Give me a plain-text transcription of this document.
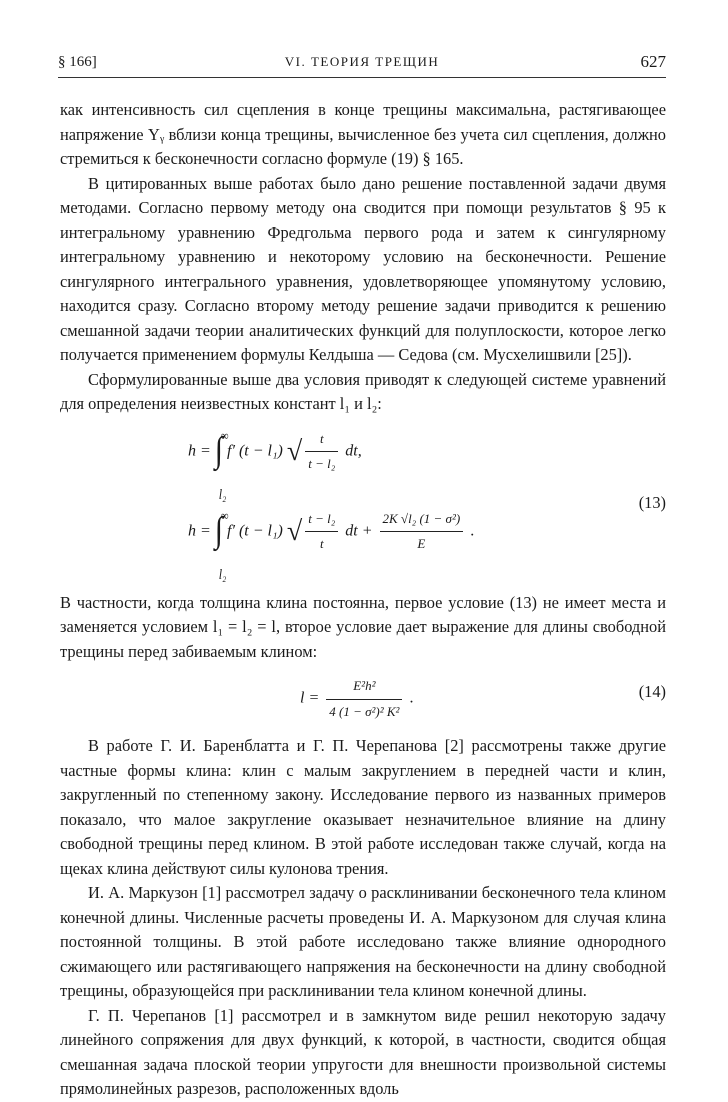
§ 166]	VI. ТЕОРИЯ ТРЕЩИН	627

как интенсивность сил сцепления в конце трещины максимальна, растягивающее напряжение Yᵧ вблизи конца трещины, вычисленное без учета сил сцепления, должно стремиться к бесконечности согласно формуле (19) § 165.

В цитированных выше работах было дано решение поставленной задачи двумя методами. Согласно первому методу она сводится при помощи результатов § 95 к интегральному уравнению Фредгольма первого рода и затем к сингулярному интегральному уравнению и некоторому условию на бесконечности. Решение сингулярного интегрального уравнения, удовлетворяющее упомянутому условию, находится сразу. Согласно второму методу решение задачи приводится к решению смешанной задачи теории аналитических функций для полуплоскости, которое легко получается применением формулы Келдыша — Седова (см. Мусхелишвили [25]).

Сформулированные выше два условия приводят к следующей системе уравнений для определения неизвестных констант l₁ и l₂:

h = ∫
∞
l₂
f′ (t − l₁) √ $\frac{t}{\text{t − l₂}}$ dt,
h = ∫
∞
l₂
f′ (t − l₁) √ $\frac{\text{t − l₂}}{t}$ dt + $\frac{\text{2K √l₂ (1 − σ²)}}{E}$ .
(13)

В частности, когда толщина клина постоянна, первое условие (13) не имеет места и заменяется условием l₁ = l₂ = l, второе условие дает выражение для длины свободной трещины перед забиваемым клином:

$l = \frac{\text{E²h²}}{\text{4 (1 − σ²)² K²}}$ .	(14)

В работе Г. И. Баренблатта и Г. П. Черепанова [2] рассмотрены также другие частные формы клина: клин с малым закруглением в передней части и клин, закругленный по степенному закону. Исследование первого из названных примеров показало, что малое закругление оказывает незначительное влияние на длину свободной трещины перед клином. В этой работе исследован также случай, когда на щеках клина действуют силы кулонова трения.

И. А. Маркузон [1] рассмотрел задачу о расклинивании бесконечного тела клином конечной длины. Численные расчеты проведены И. А. Маркузоном для случая клина постоянной толщины. В этой работе исследовано также влияние однородного сжимающего или растягивающего напряжения на бесконечности на длину свободной трещины, образующейся при расклинивании тела клином конечной длины.

Г. П. Черепанов [1] рассмотрел и в замкнутом виде решил некоторую задачу линейного сопряжения для двух функций, к которой, в частности, сводится общая смешанная задача плоской теории упругости для внешности произвольной системы прямолинейных разрезов, расположенных вдоль
